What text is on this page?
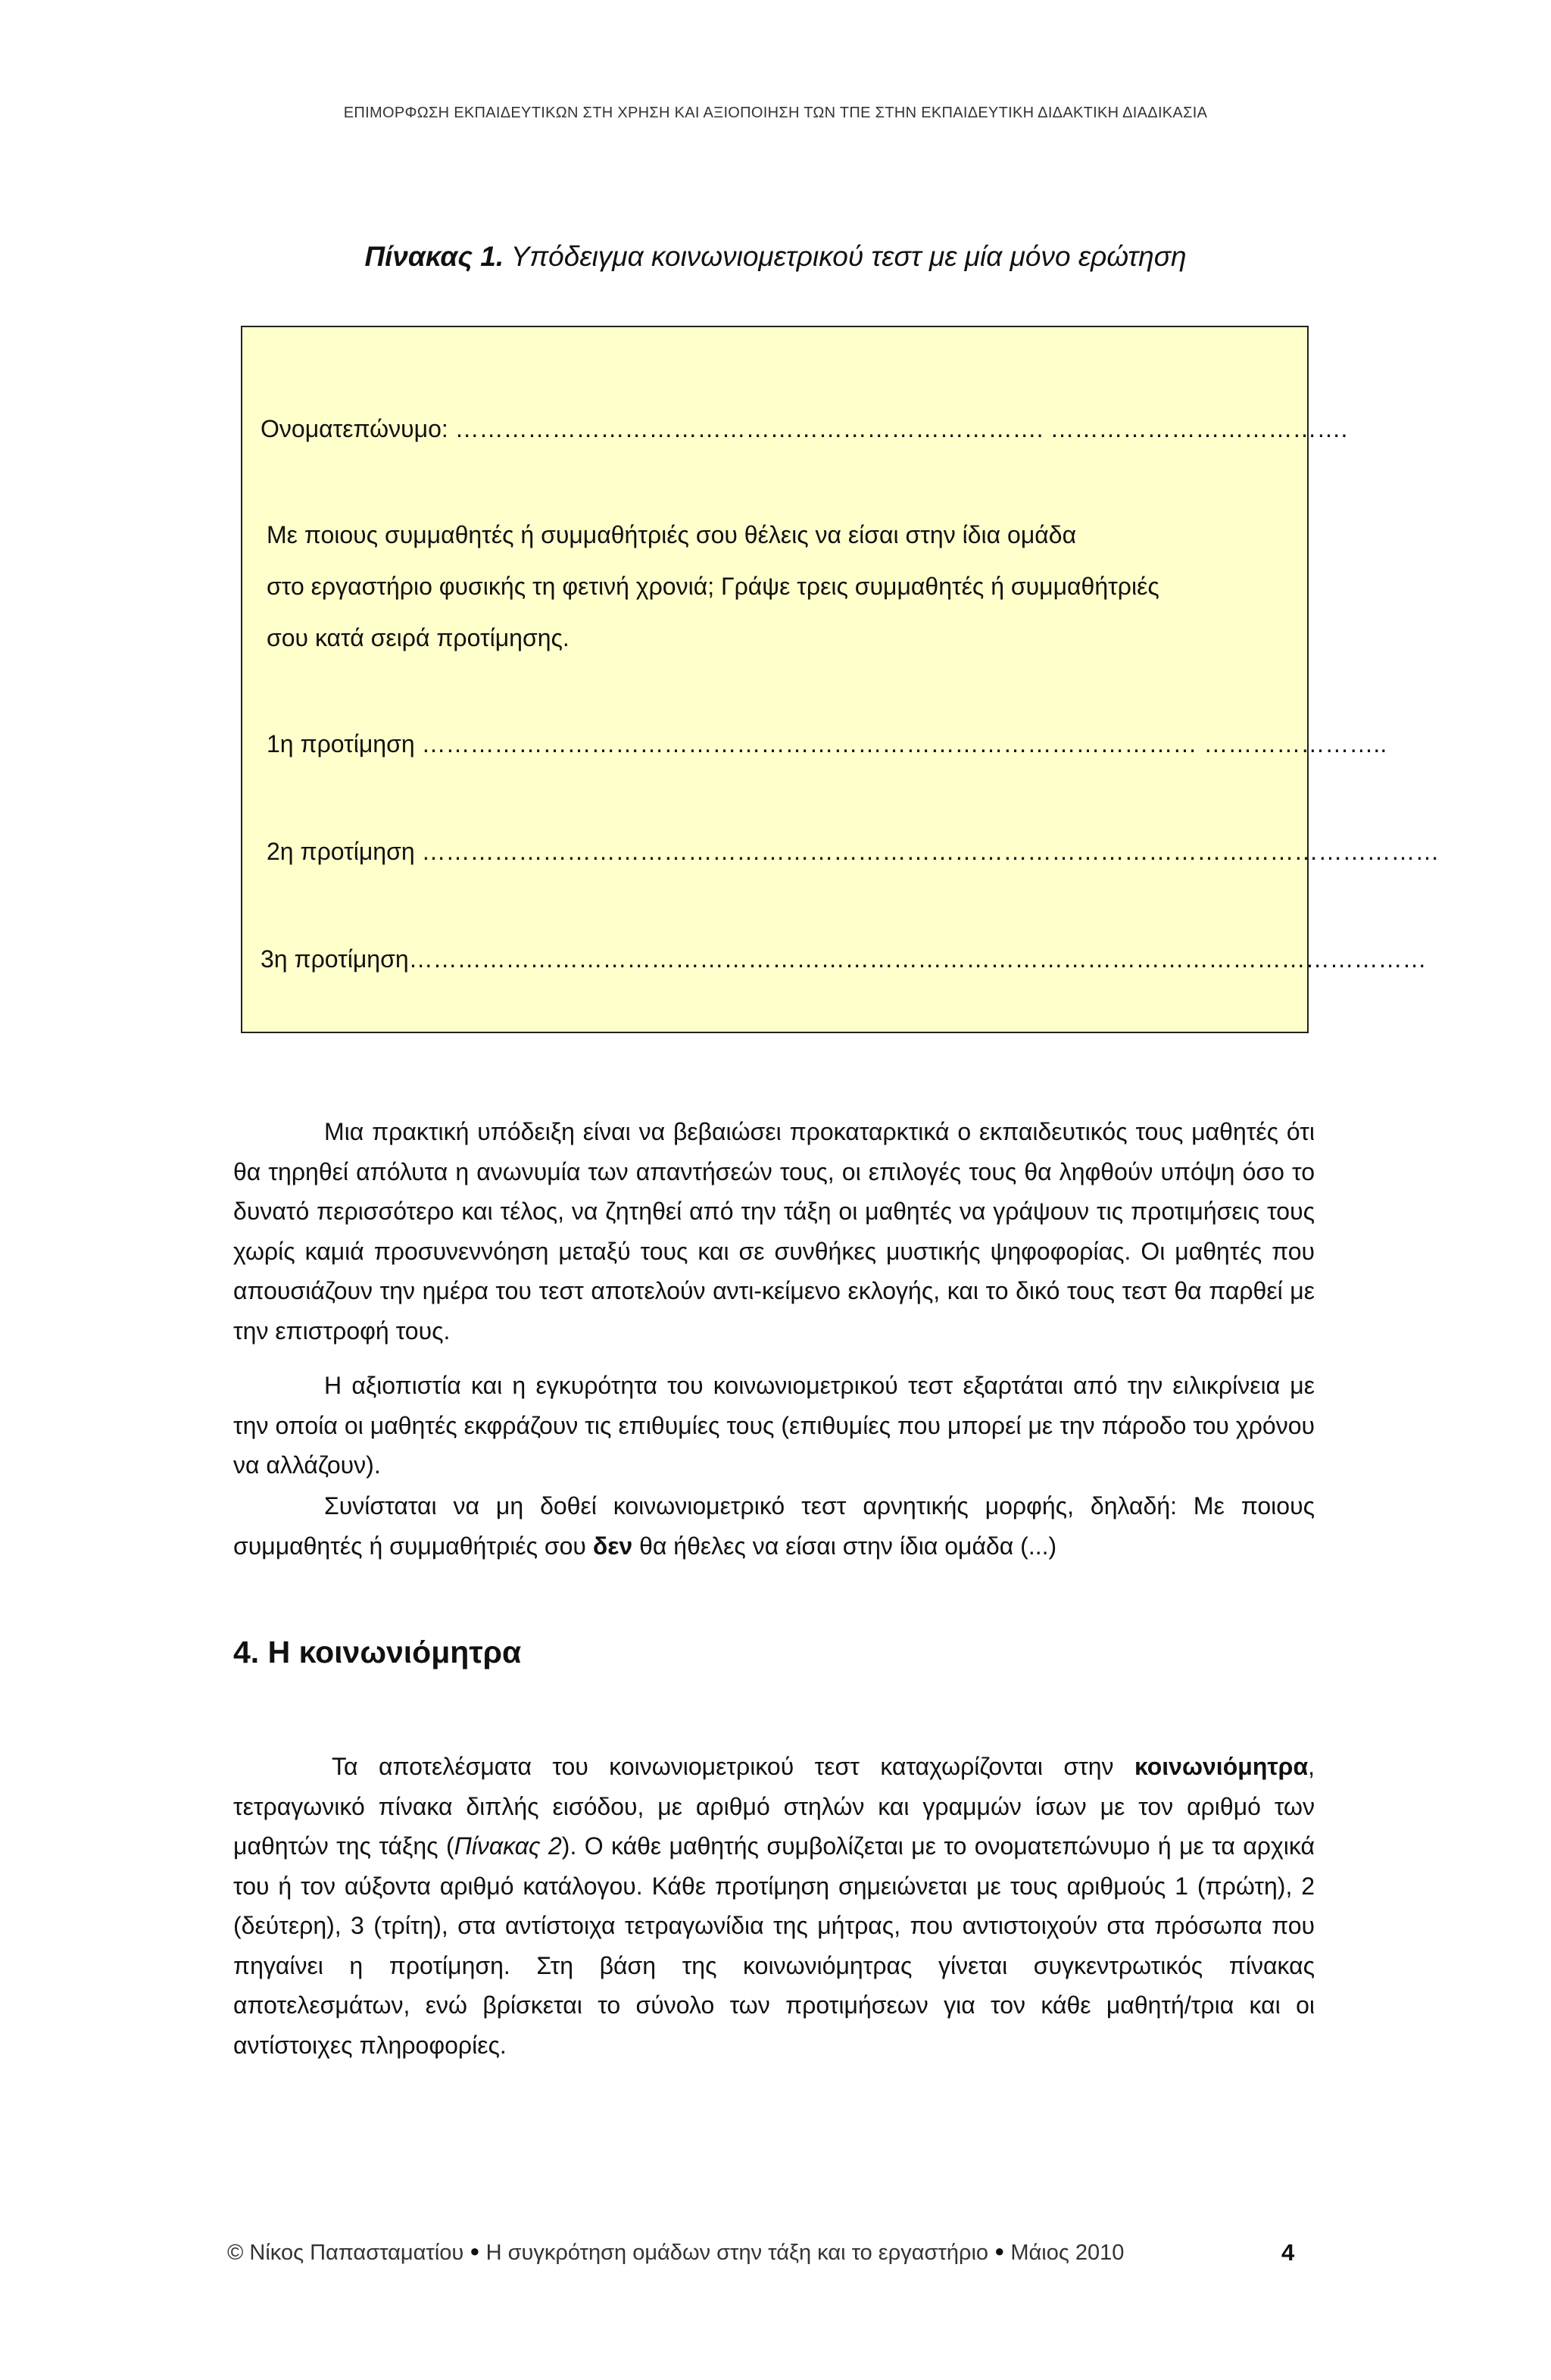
ΕΠΙΜΟΡΦΩΣΗ ΕΚΠΑΙΔΕΥΤΙΚΩΝ ΣΤΗ ΧΡΗΣΗ ΚΑΙ ΑΞΙΟΠΟΙΗΣΗ ΤΩΝ ΤΠΕ ΣΤΗΝ ΕΚΠΑΙΔΕΥΤΙΚΗ ΔΙΔΑΚΤΙΚΗ ΔΙΑΔΙΚΑΣΙΑ
Πίνακας 1. Υπόδειγμα κοινωνιομετρικού τεστ με μία μόνο ερώτηση
Ονοματεπώνυμο: ………………………………………………………………. ……………………………….
Με ποιους συμμαθητές ή συμμαθήτριές σου θέλεις να είσαι στην ίδια ομάδα
στο εργαστήριο φυσικής τη φετινή χρονιά; Γράψε τρεις συμμαθητές ή συμμαθήτριές
σου κατά σειρά προτίμησης.
1η προτίμηση …………………………………………………………………………………… …………………..
2η προτίμηση ………………………………………………………………………………………………………………
3η προτίμηση………………………………………………………………………………………………………………
Μια πρακτική υπόδειξη είναι να βεβαιώσει προκαταρκτικά ο εκπαιδευτικός τους μαθητές ότι θα τηρηθεί απόλυτα η ανωνυμία των απαντήσεών τους, οι επιλογές τους θα ληφθούν υπόψη όσο το δυνατό περισσότερο και τέλος, να ζητηθεί από την τάξη οι μαθητές να γράψουν τις προτιμήσεις τους χωρίς καμιά προσυνεννόηση μεταξύ τους και σε συνθήκες μυστικής ψηφοφορίας. Οι μαθητές που απουσιάζουν την ημέρα του τεστ αποτελούν αντι-κείμενο εκλογής, και το δικό τους τεστ θα παρθεί με την επιστροφή τους.
Η αξιοπιστία και η εγκυρότητα του κοινωνιομετρικού τεστ εξαρτάται από την ειλικρίνεια με την οποία οι μαθητές εκφράζουν τις επιθυμίες τους (επιθυμίες που μπορεί με την πάροδο του χρόνου να αλλάζουν).
Συνίσταται να μη δοθεί κοινωνιομετρικό τεστ αρνητικής μορφής, δηλαδή: Με ποιους συμμαθητές ή συμμαθήτριές σου δεν θα ήθελες να είσαι στην ίδια ομάδα (...)
4. Η κοινωνιόμητρα
Τα αποτελέσματα του κοινωνιομετρικού τεστ καταχωρίζονται στην κοινωνιόμητρα, τετραγωνικό πίνακα διπλής εισόδου, με αριθμό στηλών και γραμμών ίσων με τον αριθμό των μαθητών της τάξης (Πίνακας 2). Ο κάθε μαθητής συμβολίζεται με το ονοματεπώνυμο ή με τα αρχικά του ή τον αύξοντα αριθμό κατάλογου. Κάθε προτίμηση σημειώνεται με τους αριθμούς 1 (πρώτη), 2 (δεύτερη), 3 (τρίτη), στα αντίστοιχα τετραγωνίδια της μήτρας, που αντιστοιχούν στα πρόσωπα που πηγαίνει η προτίμηση. Στη βάση της κοινωνιόμητρας γίνεται συγκεντρωτικός πίνακας αποτελεσμάτων, ενώ βρίσκεται το σύνολο των προτιμήσεων για τον κάθε μαθητή/τρια και οι αντίστοιχες πληροφορίες.
© Νίκος Παπασταματίου ● Η συγκρότηση ομάδων στην τάξη και το εργαστήριο ● Μάιος 2010	4
